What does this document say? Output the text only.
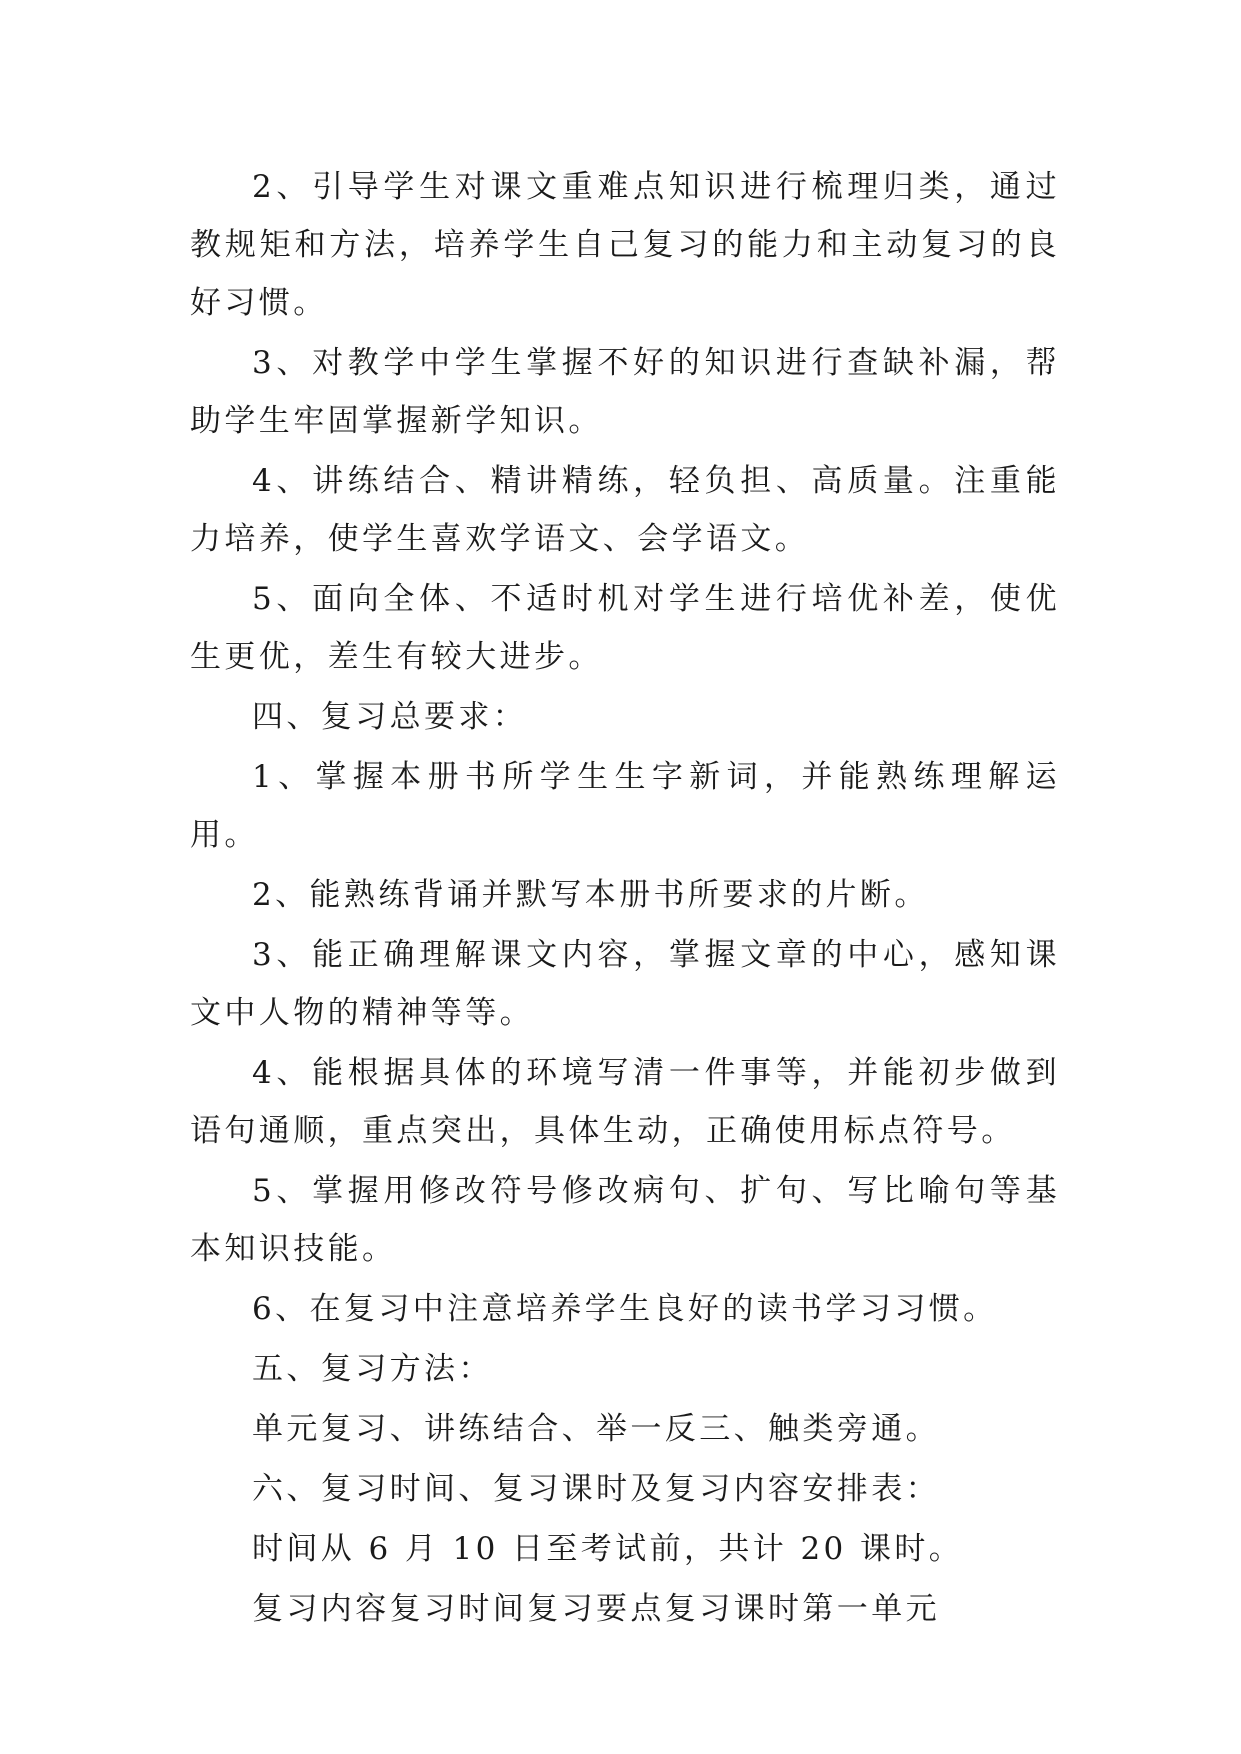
2、引导学生对课文重难点知识进行梳理归类，通过教规矩和方法，培养学生自己复习的能力和主动复习的良好习惯。

3、对教学中学生掌握不好的知识进行查缺补漏，帮助学生牢固掌握新学知识。

4、讲练结合、精讲精练，轻负担、高质量。注重能力培养，使学生喜欢学语文、会学语文。

5、面向全体、不适时机对学生进行培优补差，使优生更优，差生有较大进步。

四、复习总要求：

1、掌握本册书所学生生字新词，并能熟练理解运用。

2、能熟练背诵并默写本册书所要求的片断。

3、能正确理解课文内容，掌握文章的中心，感知课文中人物的精神等等。

4、能根据具体的环境写清一件事等，并能初步做到语句通顺，重点突出，具体生动，正确使用标点符号。

5、掌握用修改符号修改病句、扩句、写比喻句等基本知识技能。

6、在复习中注意培养学生良好的读书学习习惯。

五、复习方法：

单元复习、讲练结合、举一反三、触类旁通。

六、复习时间、复习课时及复习内容安排表：

时间从 6 月 10 日至考试前，共计 20 课时。

复习内容复习时间复习要点复习课时第一单元
